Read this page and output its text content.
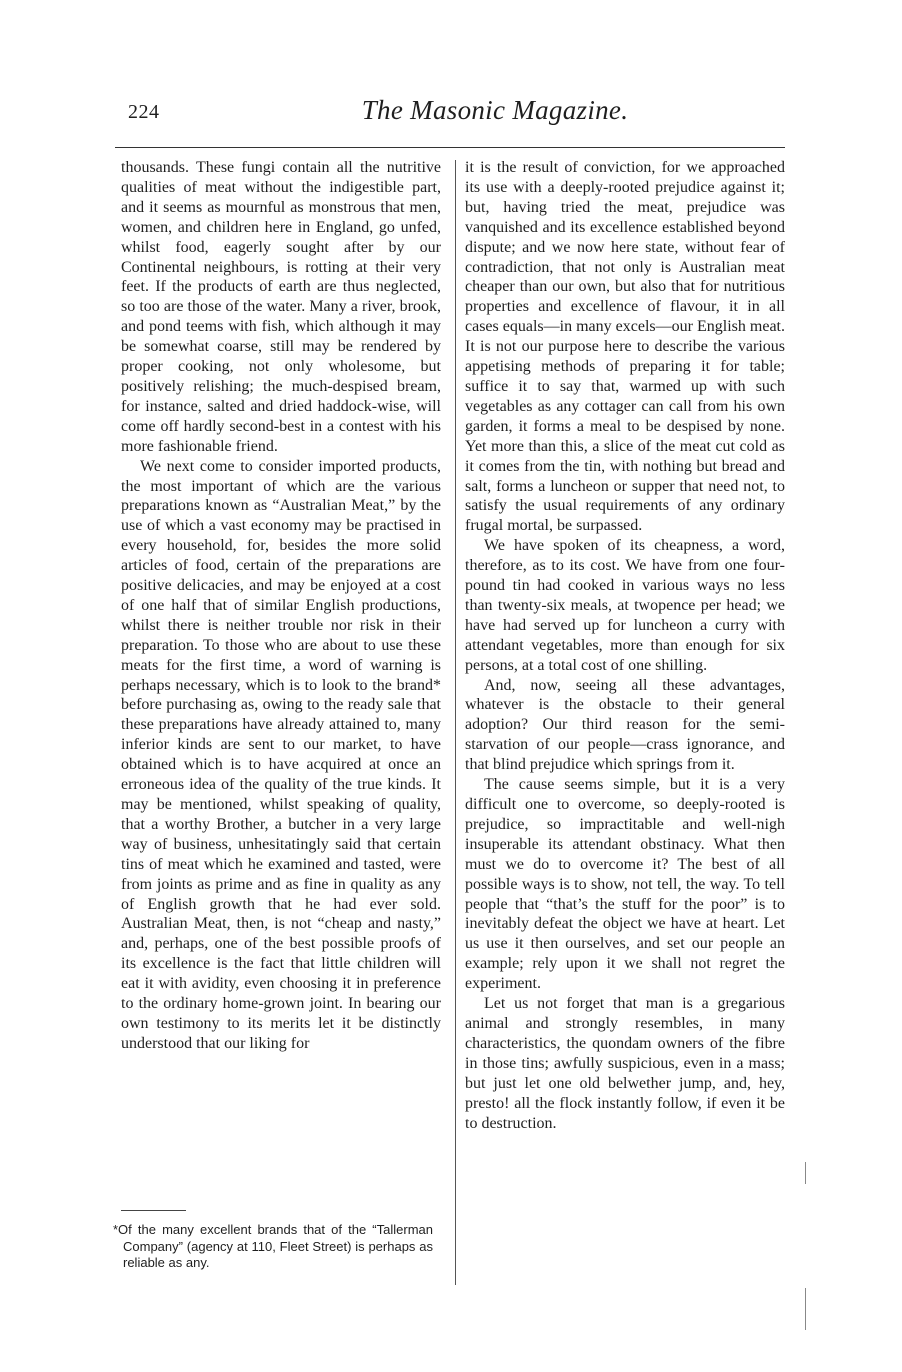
224	The Masonic Magazine.

thousands. These fungi contain all the nutritive qualities of meat without the indigestible part, and it seems as mournful as monstrous that men, women, and children here in England, go unfed, whilst food, eagerly sought after by our Continental neighbours, is rotting at their very feet. If the products of earth are thus neglected, so too are those of the water. Many a river, brook, and pond teems with fish, which although it may be somewhat coarse, still may be rendered by proper cooking, not only wholesome, but positively relishing; the much-despised bream, for instance, salted and dried haddock-wise, will come off hardly second-best in a contest with his more fashionable friend.

We next come to consider imported products, the most important of which are the various preparations known as “Australian Meat,” by the use of which a vast economy may be practised in every household, for, besides the more solid articles of food, certain of the preparations are positive delicacies, and may be enjoyed at a cost of one half that of similar English productions, whilst there is neither trouble nor risk in their preparation. To those who are about to use these meats for the first time, a word of warning is perhaps necessary, which is to look to the brand* before purchasing as, owing to the ready sale that these preparations have already attained to, many inferior kinds are sent to our market, to have obtained which is to have acquired at once an erroneous idea of the quality of the true kinds. It may be mentioned, whilst speaking of quality, that a worthy Brother, a butcher in a very large way of business, unhesitatingly said that certain tins of meat which he examined and tasted, were from joints as prime and as fine in quality as any of English growth that he had ever sold. Australian Meat, then, is not “cheap and nasty,” and, perhaps, one of the best possible proofs of its excellence is the fact that little children will eat it with avidity, even choosing it in preference to the ordinary home-grown joint. In bearing our own testimony to its merits let it be distinctly understood that our liking for

it is the result of conviction, for we approached its use with a deeply-rooted prejudice against it; but, having tried the meat, prejudice was vanquished and its excellence established beyond dispute; and we now here state, without fear of contradiction, that not only is Australian meat cheaper than our own, but also that for nutritious properties and excellence of flavour, it in all cases equals—in many excels—our English meat. It is not our purpose here to describe the various appetising methods of preparing it for table; suffice it to say that, warmed up with such vegetables as any cottager can call from his own garden, it forms a meal to be despised by none. Yet more than this, a slice of the meat cut cold as it comes from the tin, with nothing but bread and salt, forms a luncheon or supper that need not, to satisfy the usual requirements of any ordinary frugal mortal, be surpassed.

We have spoken of its cheapness, a word, therefore, as to its cost. We have from one four-pound tin had cooked in various ways no less than twenty-six meals, at twopence per head; we have had served up for luncheon a curry with attendant vegetables, more than enough for six persons, at a total cost of one shilling.

And, now, seeing all these advantages, whatever is the obstacle to their general adoption? Our third reason for the semi-starvation of our people—crass ignorance, and that blind prejudice which springs from it.

The cause seems simple, but it is a very difficult one to overcome, so deeply-rooted is prejudice, so impractitable and well-nigh insuperable its attendant obstinacy. What then must we do to overcome it? The best of all possible ways is to show, not tell, the way. To tell people that “that’s the stuff for the poor” is to inevitably defeat the object we have at heart. Let us use it then ourselves, and set our people an example; rely upon it we shall not regret the experiment.

Let us not forget that man is a gregarious animal and strongly resembles, in many characteristics, the quondam owners of the fibre in those tins; awfully suspicious, even in a mass; but just let one old belwether jump, and, hey, presto! all the flock instantly follow, if even it be to destruction.

*Of the many excellent brands that of the “Tallerman Company” (agency at 110, Fleet Street) is perhaps as reliable as any.
